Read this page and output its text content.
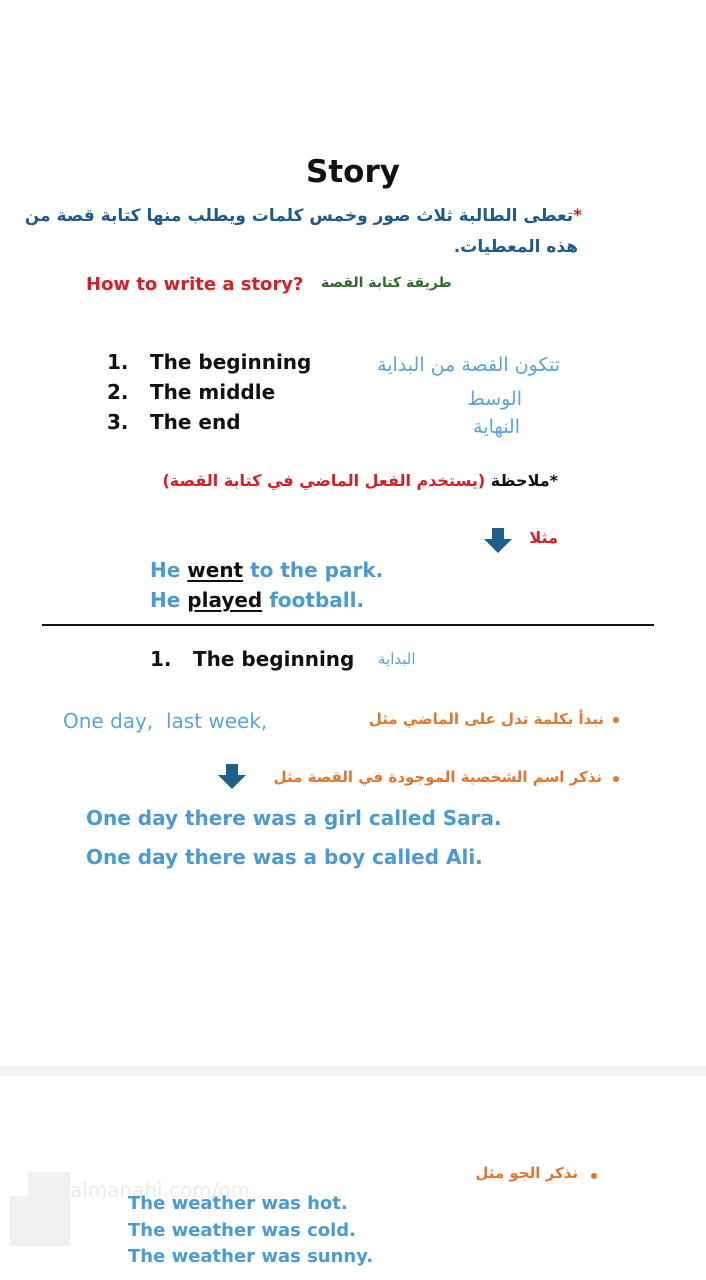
Story
*تعطى الطالبة ثلاث صور وخمس كلمات ويطلب منها كتابة قصة من
هذه المعطيات.
How to write a story? طريقة كتابة القصة
1. The beginning
2. The middle
3. The end
تتكون القصة من البداية
الوسط
النهاية
*ملاحظة (يستخدم الفعل الماضي في كتابة القصة)
مثلا
He went to the park.
He played football.
1. The beginning البداية
One day,  last week,	نبدأ بكلمة تدل على الماضي مثل
نذكر اسم الشخصية الموجودة في القصة مثل
One day there was a girl called Sara.
One day there was a boy called Ali.
almanahj.com/om
نذكر الجو مثل
The weather was hot.
The weather was cold.
The weather was sunny.
